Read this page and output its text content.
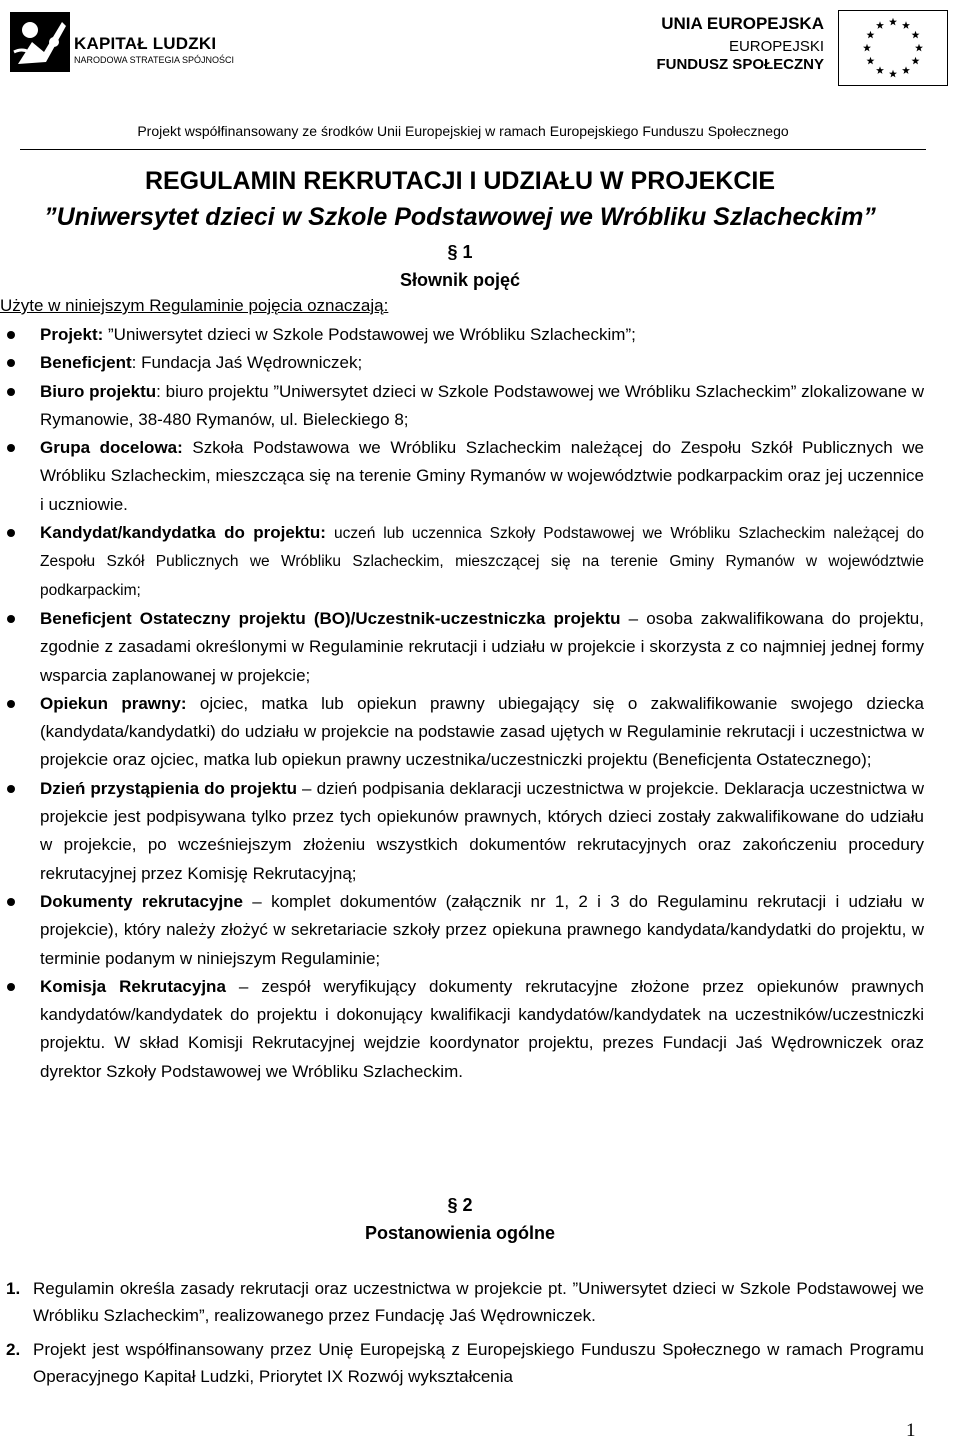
KAPITAŁ LUDZKI
NARODOWA STRATEGIA SPÓJNOŚCI
UNIA EUROPEJSKA
EUROPEJSKI
FUNDUSZ SPOŁECZNY
Projekt współfinansowany ze środków Unii Europejskiej w ramach Europejskiego Funduszu Społecznego
REGULAMIN REKRUTACJI I UDZIAŁU W PROJEKCIE
”Uniwersytet dzieci w Szkole Podstawowej we Wróbliku Szlacheckim”
§ 1
Słownik pojęć
Użyte w niniejszym Regulaminie pojęcia oznaczają:
Projekt: ”Uniwersytet dzieci w Szkole Podstawowej we Wróbliku Szlacheckim”;
Beneficjent: Fundacja Jaś Wędrowniczek;
Biuro projektu: biuro projektu ”Uniwersytet dzieci w Szkole Podstawowej we Wróbliku Szlacheckim” zlokalizowane w Rymanowie, 38-480 Rymanów, ul. Bieleckiego 8;
Grupa docelowa: Szkoła Podstawowa we Wróbliku Szlacheckim należącej do Zespołu Szkół Publicznych we Wróbliku Szlacheckim, mieszcząca się na terenie Gminy Rymanów w województwie podkarpackim oraz jej uczennice i uczniowie.
Kandydat/kandydatka do projektu: uczeń lub uczennica Szkoły Podstawowej we Wróbliku Szlacheckim należącej do Zespołu Szkół Publicznych we Wróbliku Szlacheckim, mieszczącej się na terenie Gminy Rymanów w województwie podkarpackim;
Beneficjent Ostateczny projektu (BO)/Uczestnik-uczestniczka projektu – osoba zakwalifikowana do projektu, zgodnie z zasadami określonymi w Regulaminie rekrutacji i udziału w projekcie i skorzysta z co najmniej jednej formy wsparcia zaplanowanej w projekcie;
Opiekun prawny: ojciec, matka lub opiekun prawny ubiegający się o zakwalifikowanie swojego dziecka (kandydata/kandydatki) do udziału w projekcie na podstawie zasad ujętych w Regulaminie rekrutacji i uczestnictwa w projekcie oraz ojciec, matka lub opiekun prawny uczestnika/uczestniczki projektu (Beneficjenta Ostatecznego);
Dzień przystąpienia do projektu – dzień podpisania deklaracji uczestnictwa w projekcie. Deklaracja uczestnictwa w projekcie jest podpisywana tylko przez tych opiekunów prawnych, których dzieci zostały zakwalifikowane do udziału w projekcie, po wcześniejszym złożeniu wszystkich dokumentów rekrutacyjnych oraz zakończeniu procedury rekrutacyjnej przez Komisję Rekrutacyjną;
Dokumenty rekrutacyjne – komplet dokumentów (załącznik nr 1, 2 i 3 do Regulaminu rekrutacji i udziału w projekcie), który należy złożyć w sekretariacie szkoły przez opiekuna prawnego kandydata/kandydatki do projektu, w terminie podanym w niniejszym Regulaminie;
Komisja Rekrutacyjna – zespół weryfikujący dokumenty rekrutacyjne złożone przez opiekunów prawnych kandydatów/kandydatek do projektu i dokonujący kwalifikacji kandydatów/kandydatek na uczestników/uczestniczki projektu. W skład Komisji Rekrutacyjnej wejdzie koordynator projektu, prezes Fundacji Jaś Wędrowniczek oraz dyrektor Szkoły Podstawowej we Wróbliku Szlacheckim.
§ 2
Postanowienia ogólne
1. Regulamin określa zasady rekrutacji oraz uczestnictwa w projekcie pt. ”Uniwersytet dzieci w Szkole Podstawowej we Wróbliku Szlacheckim”, realizowanego przez Fundację Jaś Wędrowniczek.
2. Projekt jest współfinansowany przez Unię Europejską z Europejskiego Funduszu Społecznego w ramach Programu Operacyjnego Kapitał Ludzki, Priorytet IX Rozwój wykształcenia
1
